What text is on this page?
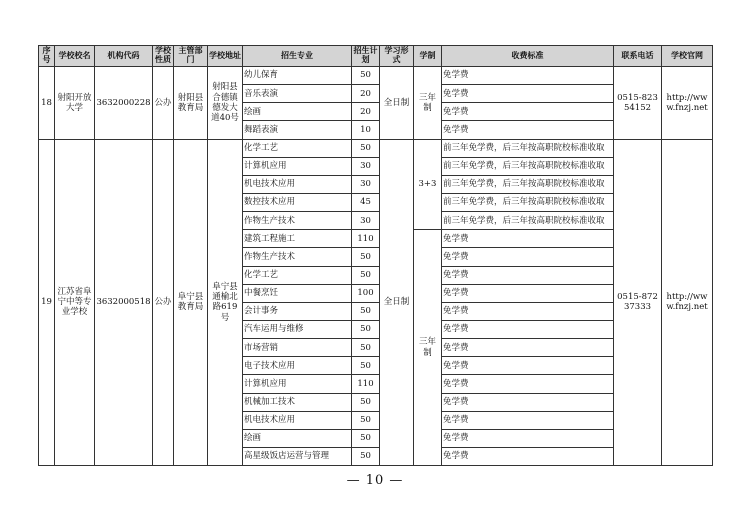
序号	学校校名	机构代码	学校性质	主管部门	学校地址	招生专业	招生计划	学习形式	学制	收费标准	联系电话	学校官网
18	射阳开放大学	3632000228	公办	射阳县教育局	射阳县合德镇德发大道40号	幼儿保育	50	全日制	三年制	免学费	0515-82354152	http://www.fnzj.net
						音乐表演	20			免学费		
						绘画	20			免学费		
						舞蹈表演	10			免学费		
19	江苏省阜宁中等专业学校	3632000518	公办	阜宁县教育局	阜宁县通榆北路619号	化学工艺	50	全日制	3+3	前三年免学费，后三年按高职院校标准收取	0515-87237333	http://www.fnzj.net
						计算机应用	30			前三年免学费，后三年按高职院校标准收取		
						机电技术应用	30			前三年免学费，后三年按高职院校标准收取		
						数控技术应用	45			前三年免学费，后三年按高职院校标准收取		
						作物生产技术	30			前三年免学费，后三年按高职院校标准收取		
						建筑工程施工	110		三年制	免学费		
						作物生产技术	50			免学费		
						化学工艺	50			免学费		
						中餐烹饪	100			免学费		
						会计事务	50			免学费		
						汽车运用与维修	50			免学费		
						市场营销	50			免学费		
						电子技术应用	50			免学费		
						计算机应用	110			免学费		
						机械加工技术	50			免学费		
						机电技术应用	50			免学费		
						绘画	50			免学费		
						高星级饭店运营与管理	50			免学费		
— 10 —
